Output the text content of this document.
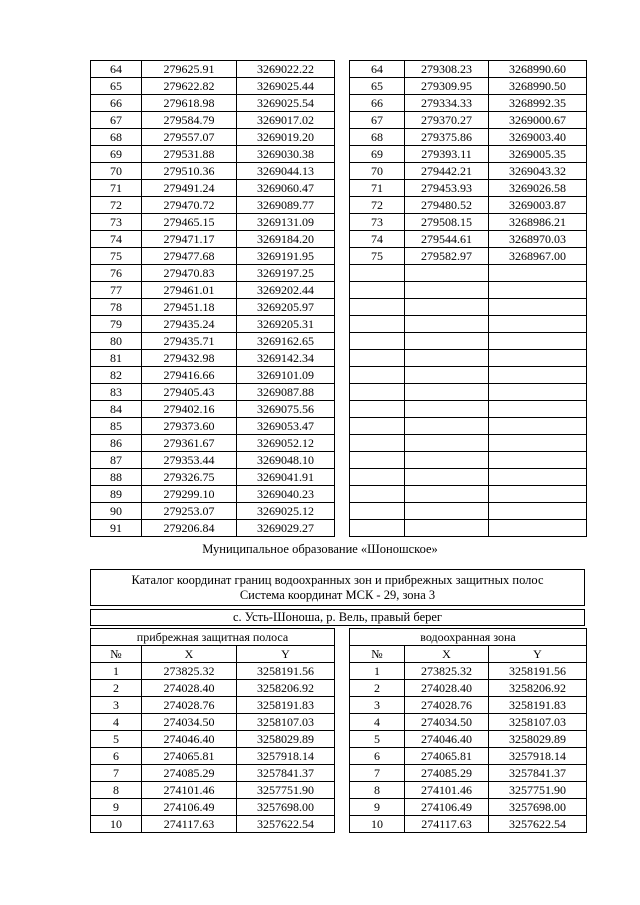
64	279625.91	3269022.22
65	279622.82	3269025.44
66	279618.98	3269025.54
67	279584.79	3269017.02
68	279557.07	3269019.20
69	279531.88	3269030.38
70	279510.36	3269044.13
71	279491.24	3269060.47
72	279470.72	3269089.77
73	279465.15	3269131.09
74	279471.17	3269184.20
75	279477.68	3269191.95
76	279470.83	3269197.25
77	279461.01	3269202.44
78	279451.18	3269205.97
79	279435.24	3269205.31
80	279435.71	3269162.65
81	279432.98	3269142.34
82	279416.66	3269101.09
83	279405.43	3269087.88
84	279402.16	3269075.56
85	279373.60	3269053.47
86	279361.67	3269052.12
87	279353.44	3269048.10
88	279326.75	3269041.91
89	279299.10	3269040.23
90	279253.07	3269025.12
91	279206.84	3269029.27
64	279308.23	3268990.60
65	279309.95	3268990.50
66	279334.33	3268992.35
67	279370.27	3269000.67
68	279375.86	3269003.40
69	279393.11	3269005.35
70	279442.21	3269043.32
71	279453.93	3269026.58
72	279480.52	3269003.87
73	279508.15	3268986.21
74	279544.61	3268970.03
75	279582.97	3268967.00

Муниципальное образование «Шоношское»
Каталог координат границ водоохранных зон и прибрежных защитных полос
Система координат МСК - 29, зона 3
с. Усть-Шоноша, р. Вель, правый берег
прибрежная защитная полоса		
№	X	Y
1	273825.32	3258191.56
2	274028.40	3258206.92
3	274028.76	3258191.83
4	274034.50	3258107.03
5	274046.40	3258029.89
6	274065.81	3257918.14
7	274085.29	3257841.37
8	274101.46	3257751.90
9	274106.49	3257698.00
10	274117.63	3257622.54
водоохранная зона		
№	X	Y
1	273825.32	3258191.56
2	274028.40	3258206.92
3	274028.76	3258191.83
4	274034.50	3258107.03
5	274046.40	3258029.89
6	274065.81	3257918.14
7	274085.29	3257841.37
8	274101.46	3257751.90
9	274106.49	3257698.00
10	274117.63	3257622.54
